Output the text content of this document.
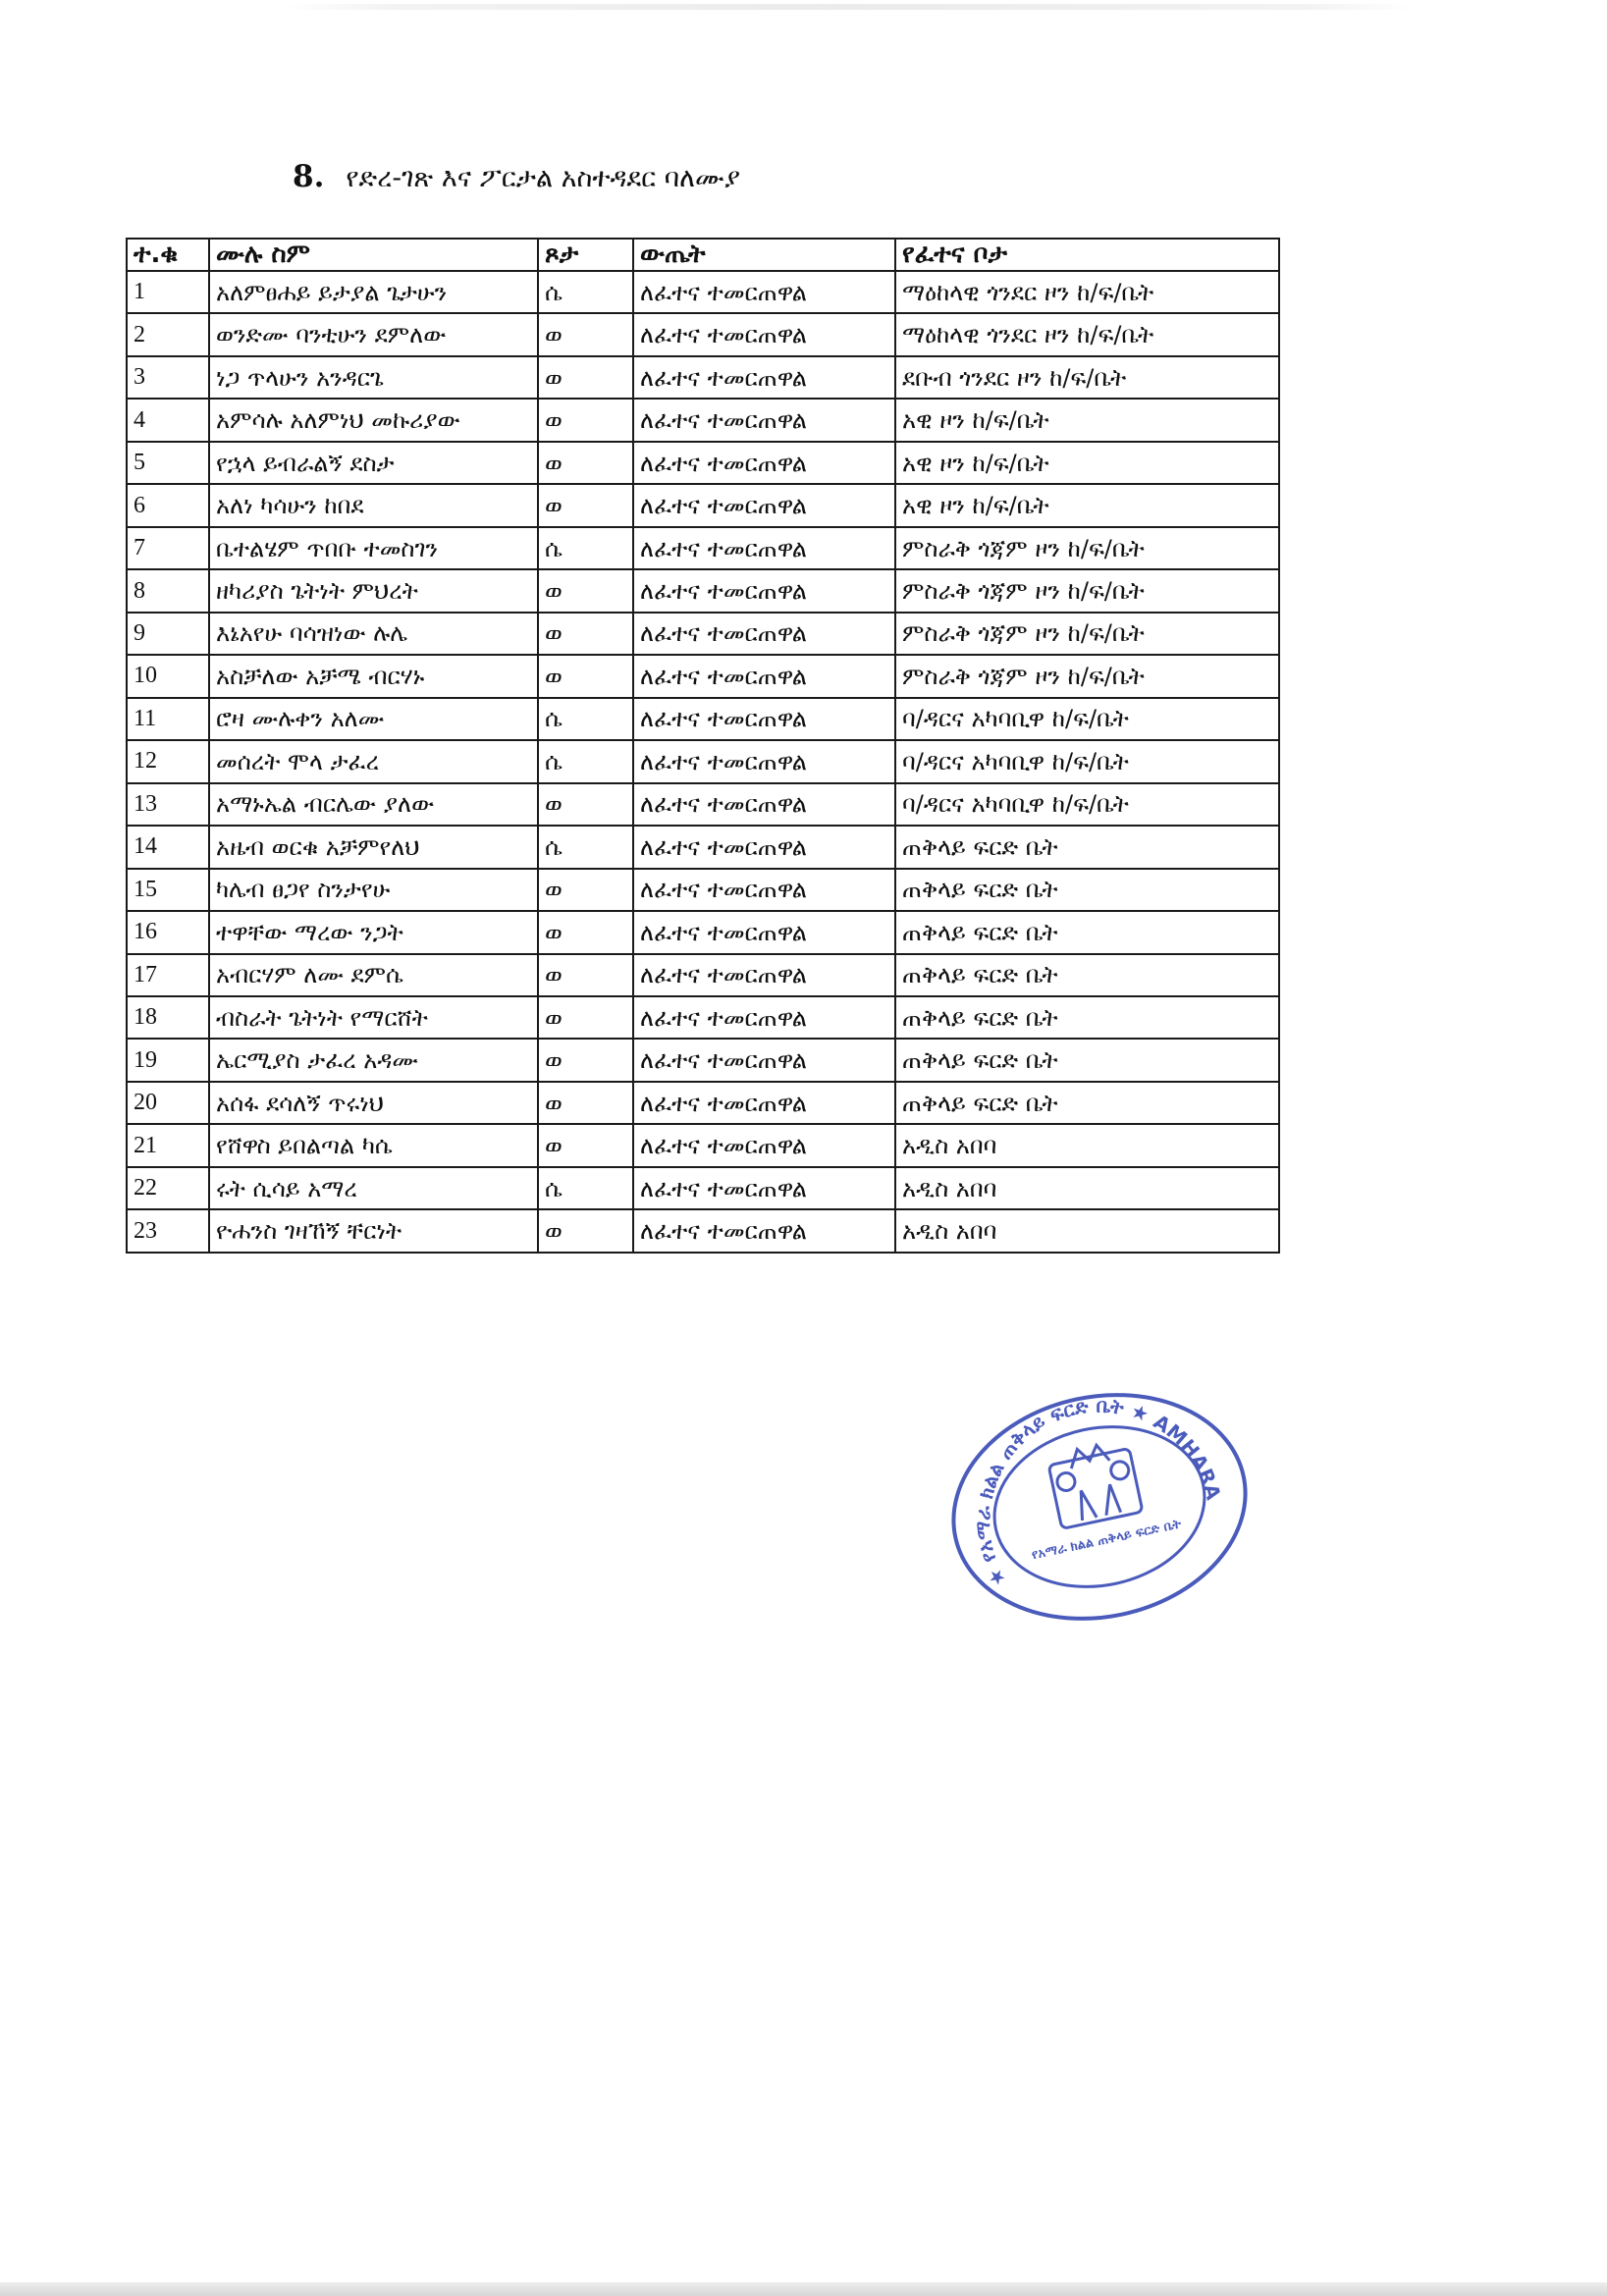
8. የድረ-ገጽ እና ፖርታል አስተዳደር ባለሙያ
ተ.ቁ	ሙሉ ስም	ጾታ	ውጤት	የፈተና ቦታ
1	አለምፀሐይ ይታያል ጌታሁን	ሴ	ለፈተና ተመርጠዋል	ማዕከላዊ ጎንደር ዞን ከ/ፍ/ቤት
2	ወንድሙ ባንቲሁን ደምለው	ወ	ለፈተና ተመርጠዋል	ማዕከላዊ ጎንደር ዞን ከ/ፍ/ቤት
3	ነጋ ጥላሁን አንዳርጌ	ወ	ለፈተና ተመርጠዋል	ደቡብ ጎንደር ዞን ከ/ፍ/ቤት
4	አምሳሉ አለምነህ መኩሪያው	ወ	ለፈተና ተመርጠዋል	አዊ ዞን ከ/ፍ/ቤት
5	የኋላ ይብራልኝ ደስታ	ወ	ለፈተና ተመርጠዋል	አዊ ዞን ከ/ፍ/ቤት
6	አለነ ካሳሁን ከበደ	ወ	ለፈተና ተመርጠዋል	አዊ ዞን ከ/ፍ/ቤት
7	ቤተልሄም ጥበቡ ተመስገን	ሴ	ለፈተና ተመርጠዋል	ምስራቅ ጎጃም ዞን ከ/ፍ/ቤት
8	ዘካሪያስ ጌትነት ምህረት	ወ	ለፈተና ተመርጠዋል	ምስራቅ ጎጃም ዞን ከ/ፍ/ቤት
9	እኔአየሁ ባሳዝነው ሉሌ	ወ	ለፈተና ተመርጠዋል	ምስራቅ ጎጃም ዞን ከ/ፍ/ቤት
10	አስቻለው አቻሜ ብርሃኑ	ወ	ለፈተና ተመርጠዋል	ምስራቅ ጎጃም ዞን ከ/ፍ/ቤት
11	ሮዛ ሙሉቀን አለሙ	ሴ	ለፈተና ተመርጠዋል	ባ/ዳርና አካባቢዋ ከ/ፍ/ቤት
12	መሰረት ሞላ ታፈረ	ሴ	ለፈተና ተመርጠዋል	ባ/ዳርና አካባቢዋ ከ/ፍ/ቤት
13	አማኑኤል ብርሌው ያለው	ወ	ለፈተና ተመርጠዋል	ባ/ዳርና አካባቢዋ ከ/ፍ/ቤት
14	አዜብ ወርቁ አቻምየለህ	ሴ	ለፈተና ተመርጠዋል	ጠቅላይ ፍርድ ቤት
15	ካሌብ ፀጋየ ስንታየሁ	ወ	ለፈተና ተመርጠዋል	ጠቅላይ ፍርድ ቤት
16	ተዋቸው ማረው ንጋት	ወ	ለፈተና ተመርጠዋል	ጠቅላይ ፍርድ ቤት
17	አብርሃም ለሙ ደምሴ	ወ	ለፈተና ተመርጠዋል	ጠቅላይ ፍርድ ቤት
18	ብስራት ጌትነት የማርሸት	ወ	ለፈተና ተመርጠዋል	ጠቅላይ ፍርድ ቤት
19	ኤርሚያስ ታፈረ አዳሙ	ወ	ለፈተና ተመርጠዋል	ጠቅላይ ፍርድ ቤት
20	አሰፋ ደሳለኝ ጥሩነህ	ወ	ለፈተና ተመርጠዋል	ጠቅላይ ፍርድ ቤት
21	የሸዋስ ይበልጣል ካሴ	ወ	ለፈተና ተመርጠዋል	አዲስ አበባ
22	ሩት ሲሳይ አማረ	ሴ	ለፈተና ተመርጠዋል	አዲስ አበባ
23	ዮሐንስ ገዛኸኝ ቸርነት	ወ	ለፈተና ተመርጠዋል	አዲስ አበባ
★ የአማራ ክልል ጠቅላይ ፍርድ ቤት ★ AMHARA
የአማራ ክልል ጠቅላይ ፍርድ ቤት
